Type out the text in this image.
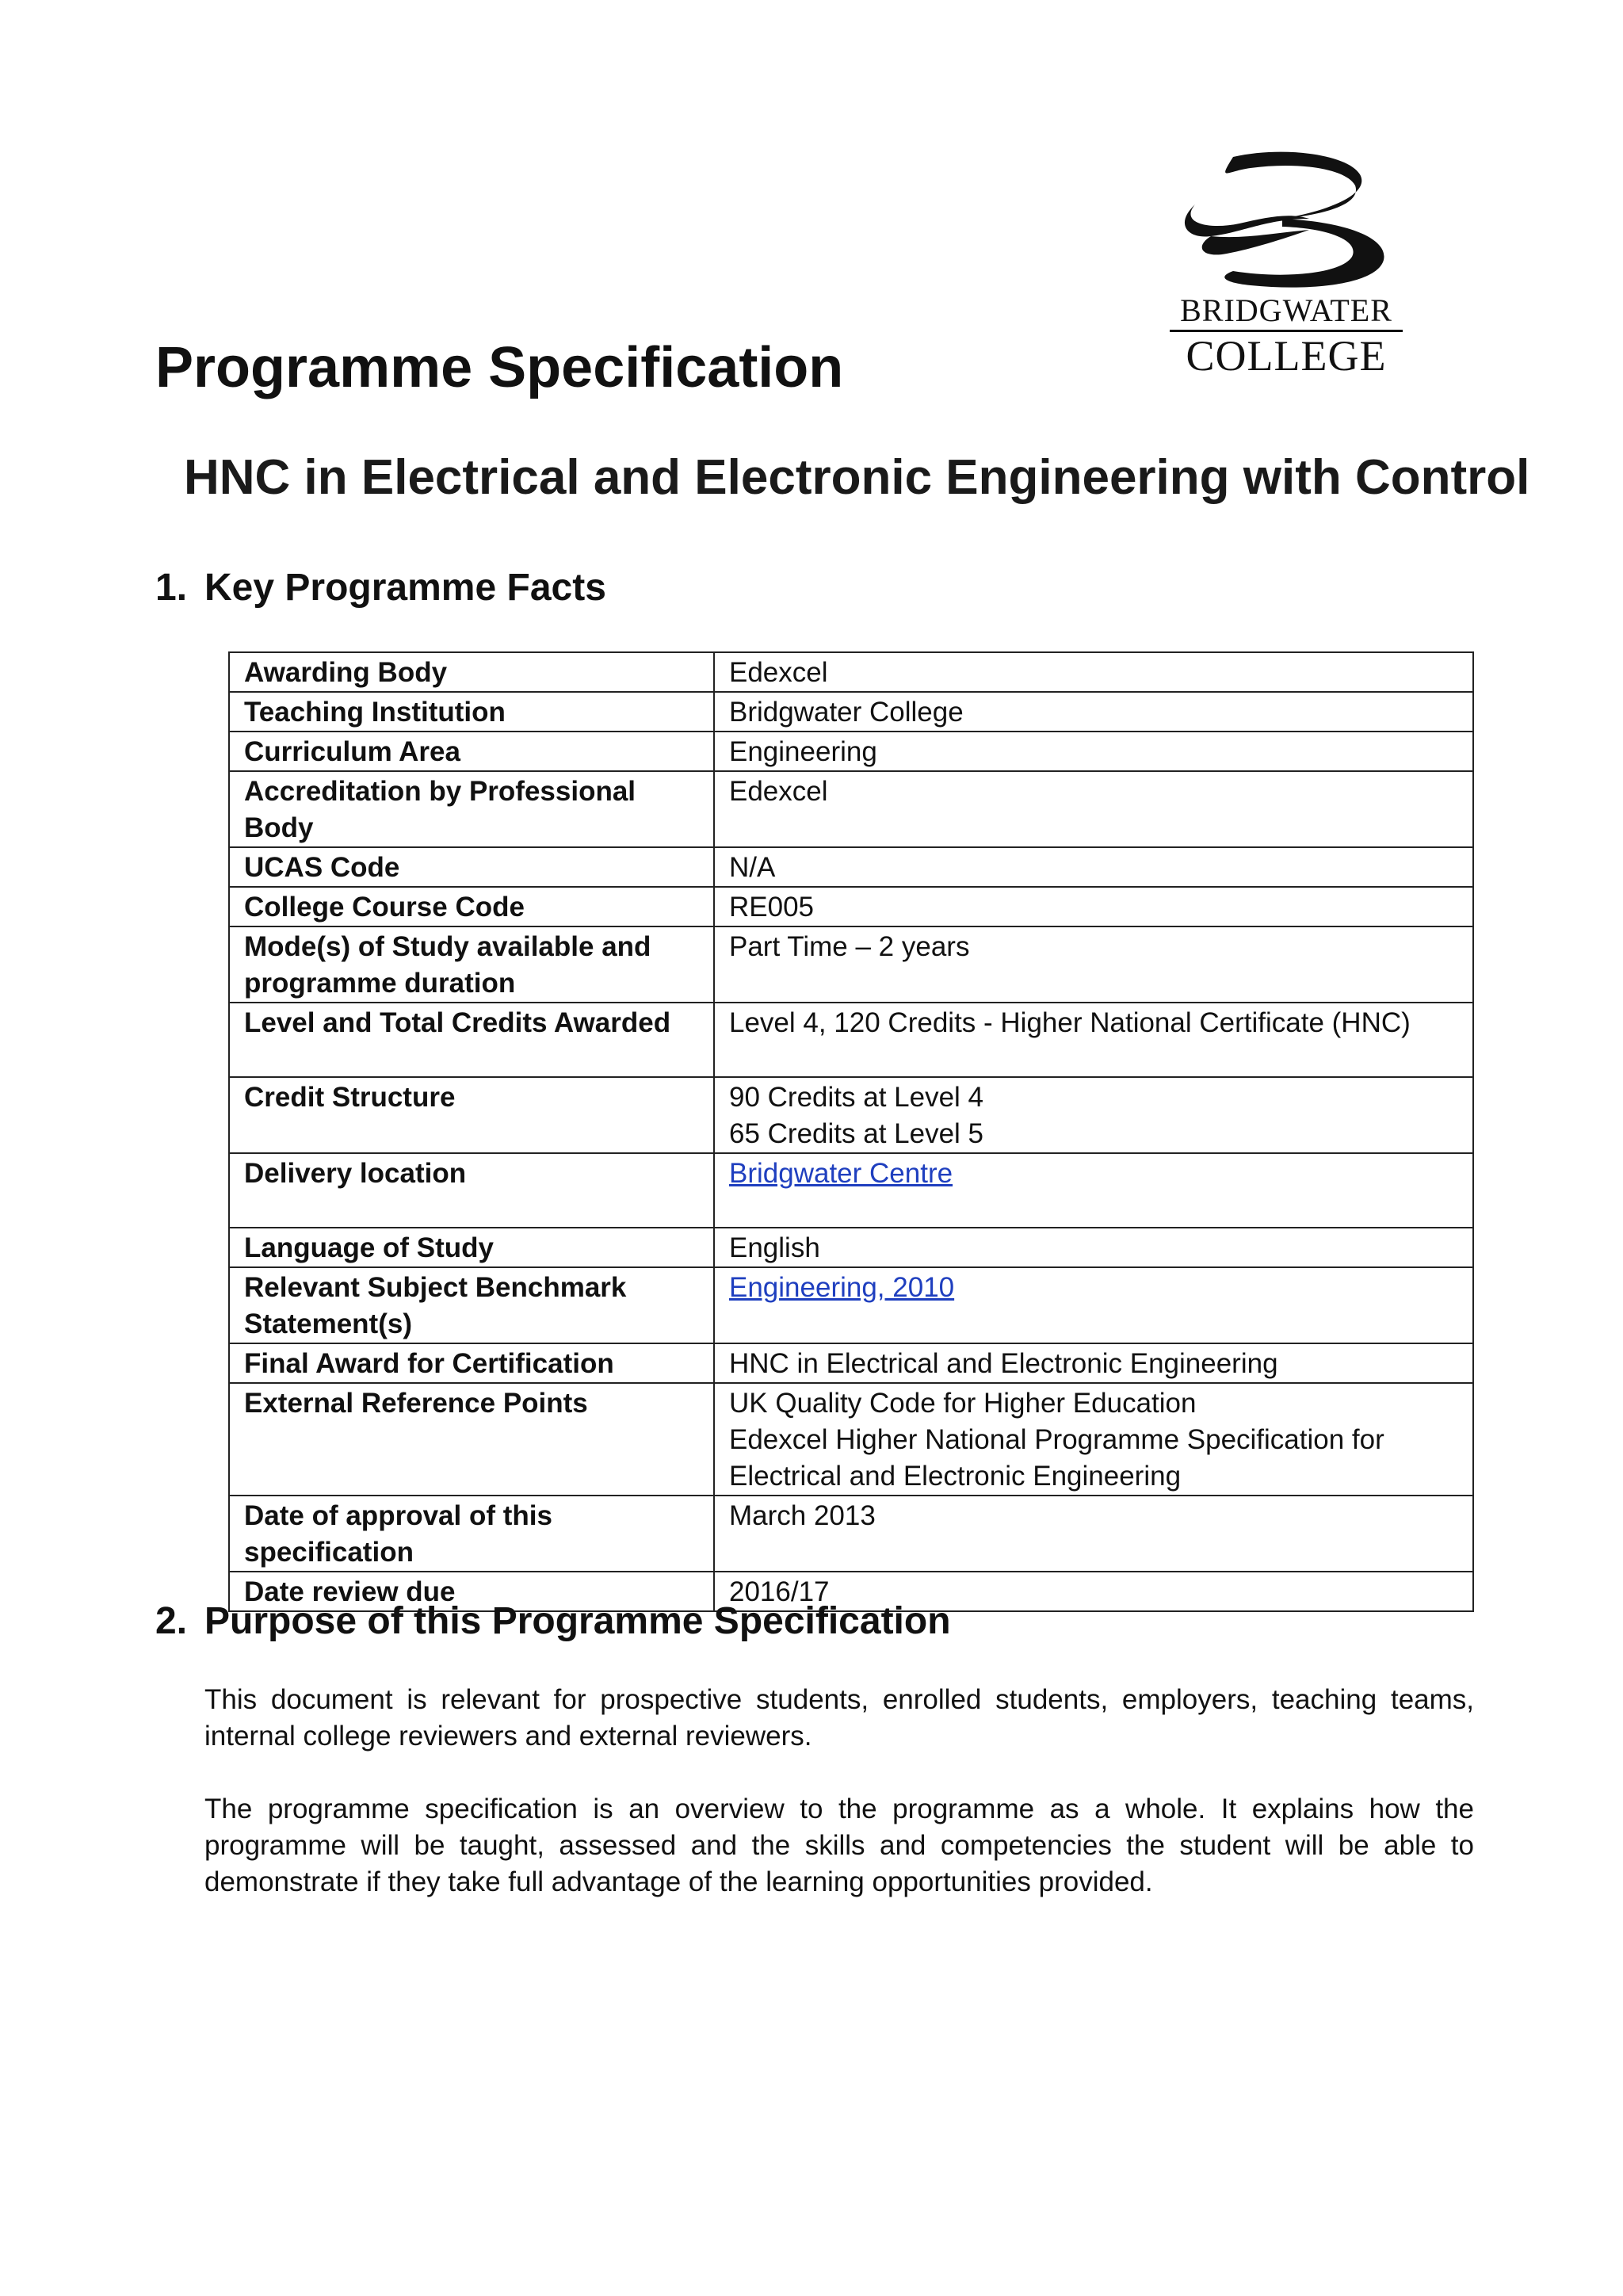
BRIDGWATER
COLLEGE
Programme Specification
HNC in Electrical and Electronic Engineering with Control
1. Key Programme Facts
Awarding Body	Edexcel

Teaching Institution	Bridgwater College

Curriculum Area	Engineering

Accreditation by Professional Body	Edexcel

UCAS Code	N/A

College Course Code	RE005

Mode(s) of Study available and programme duration	Part Time – 2 years

Level and Total Credits Awarded	Level 4, 120 Credits - Higher National Certificate (HNC)

Credit Structure	90 Credits at Level 4
65 Credits at Level 5

Delivery location	Bridgwater Centre

Language of Study	English

Relevant Subject Benchmark Statement(s)	Engineering, 2010

Final Award for Certification	HNC in Electrical and Electronic Engineering

External Reference Points	UK Quality Code for Higher Education
Edexcel Higher National Programme Specification for Electrical and Electronic Engineering

Date of approval of this specification	March 2013

Date review due	2016/17
2. Purpose of this Programme Specification

This document is relevant for prospective students, enrolled students, employers, teaching teams, internal college reviewers and external reviewers.

The programme specification is an overview to the programme as a whole. It explains how the programme will be taught, assessed and the skills and competencies the student will be able to demonstrate if they take full advantage of the learning opportunities provided.
